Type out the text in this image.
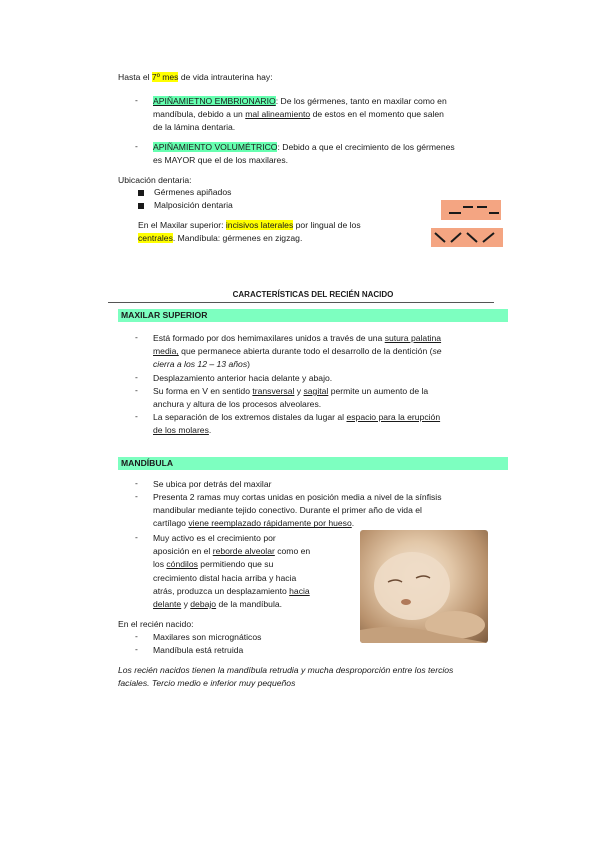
Hasta el 7º mes de vida intrauterina hay:
- APIÑAMIETNO EMBRIONARIO: De los gérmenes, tanto en maxilar como en
mandíbula, debido a un mal alineamiento de estos en el momento que salen
de la lámina dentaria.
- APIÑAMIENTO VOLUMÉTRICO: Debido a que el crecimiento de los gérmenes
es MAYOR que el de los maxilares.
Ubicación dentaria:
Gérmenes apiñados
Malposición dentaria
En el Maxilar superior: incisivos laterales por lingual de los
centrales. Mandíbula: gérmenes en zigzag.
CARACTERÍSTICAS DEL RECIÉN NACIDO
MAXILAR SUPERIOR
- Está formado por dos hemimaxilares unidos a través de una sutura palatina
media, que permanece abierta durante todo el desarrollo de la dentición (se
cierra a los 12 – 13 años)
- Desplazamiento anterior hacia delante y abajo.
- Su forma en V en sentido transversal y sagital permite un aumento de la
anchura y altura de los procesos alveolares.
- La separación de los extremos distales da lugar al espacio para la erupción
de los molares.
MANDÍBULA
- Se ubica por detrás del maxilar
- Presenta 2 ramas muy cortas unidas en posición media a nivel de la sínfisis
mandibular mediante tejido conectivo. Durante el primer año de vida el
cartílago viene reemplazado rápidamente por hueso.
- Muy activo es el crecimiento por
aposición en el reborde alveolar como en
los cóndilos permitiendo que su
crecimiento distal hacia arriba y hacia
atrás, produzca un desplazamiento hacia
delante y debajo de la mandíbula.
En el recién nacido:
- Maxilares son micrognáticos
- Mandíbula está retruida
Los recién nacidos tienen la mandíbula retrudia y mucha desproporción entre los tercios
faciales. Tercio medio e inferior muy pequeños
